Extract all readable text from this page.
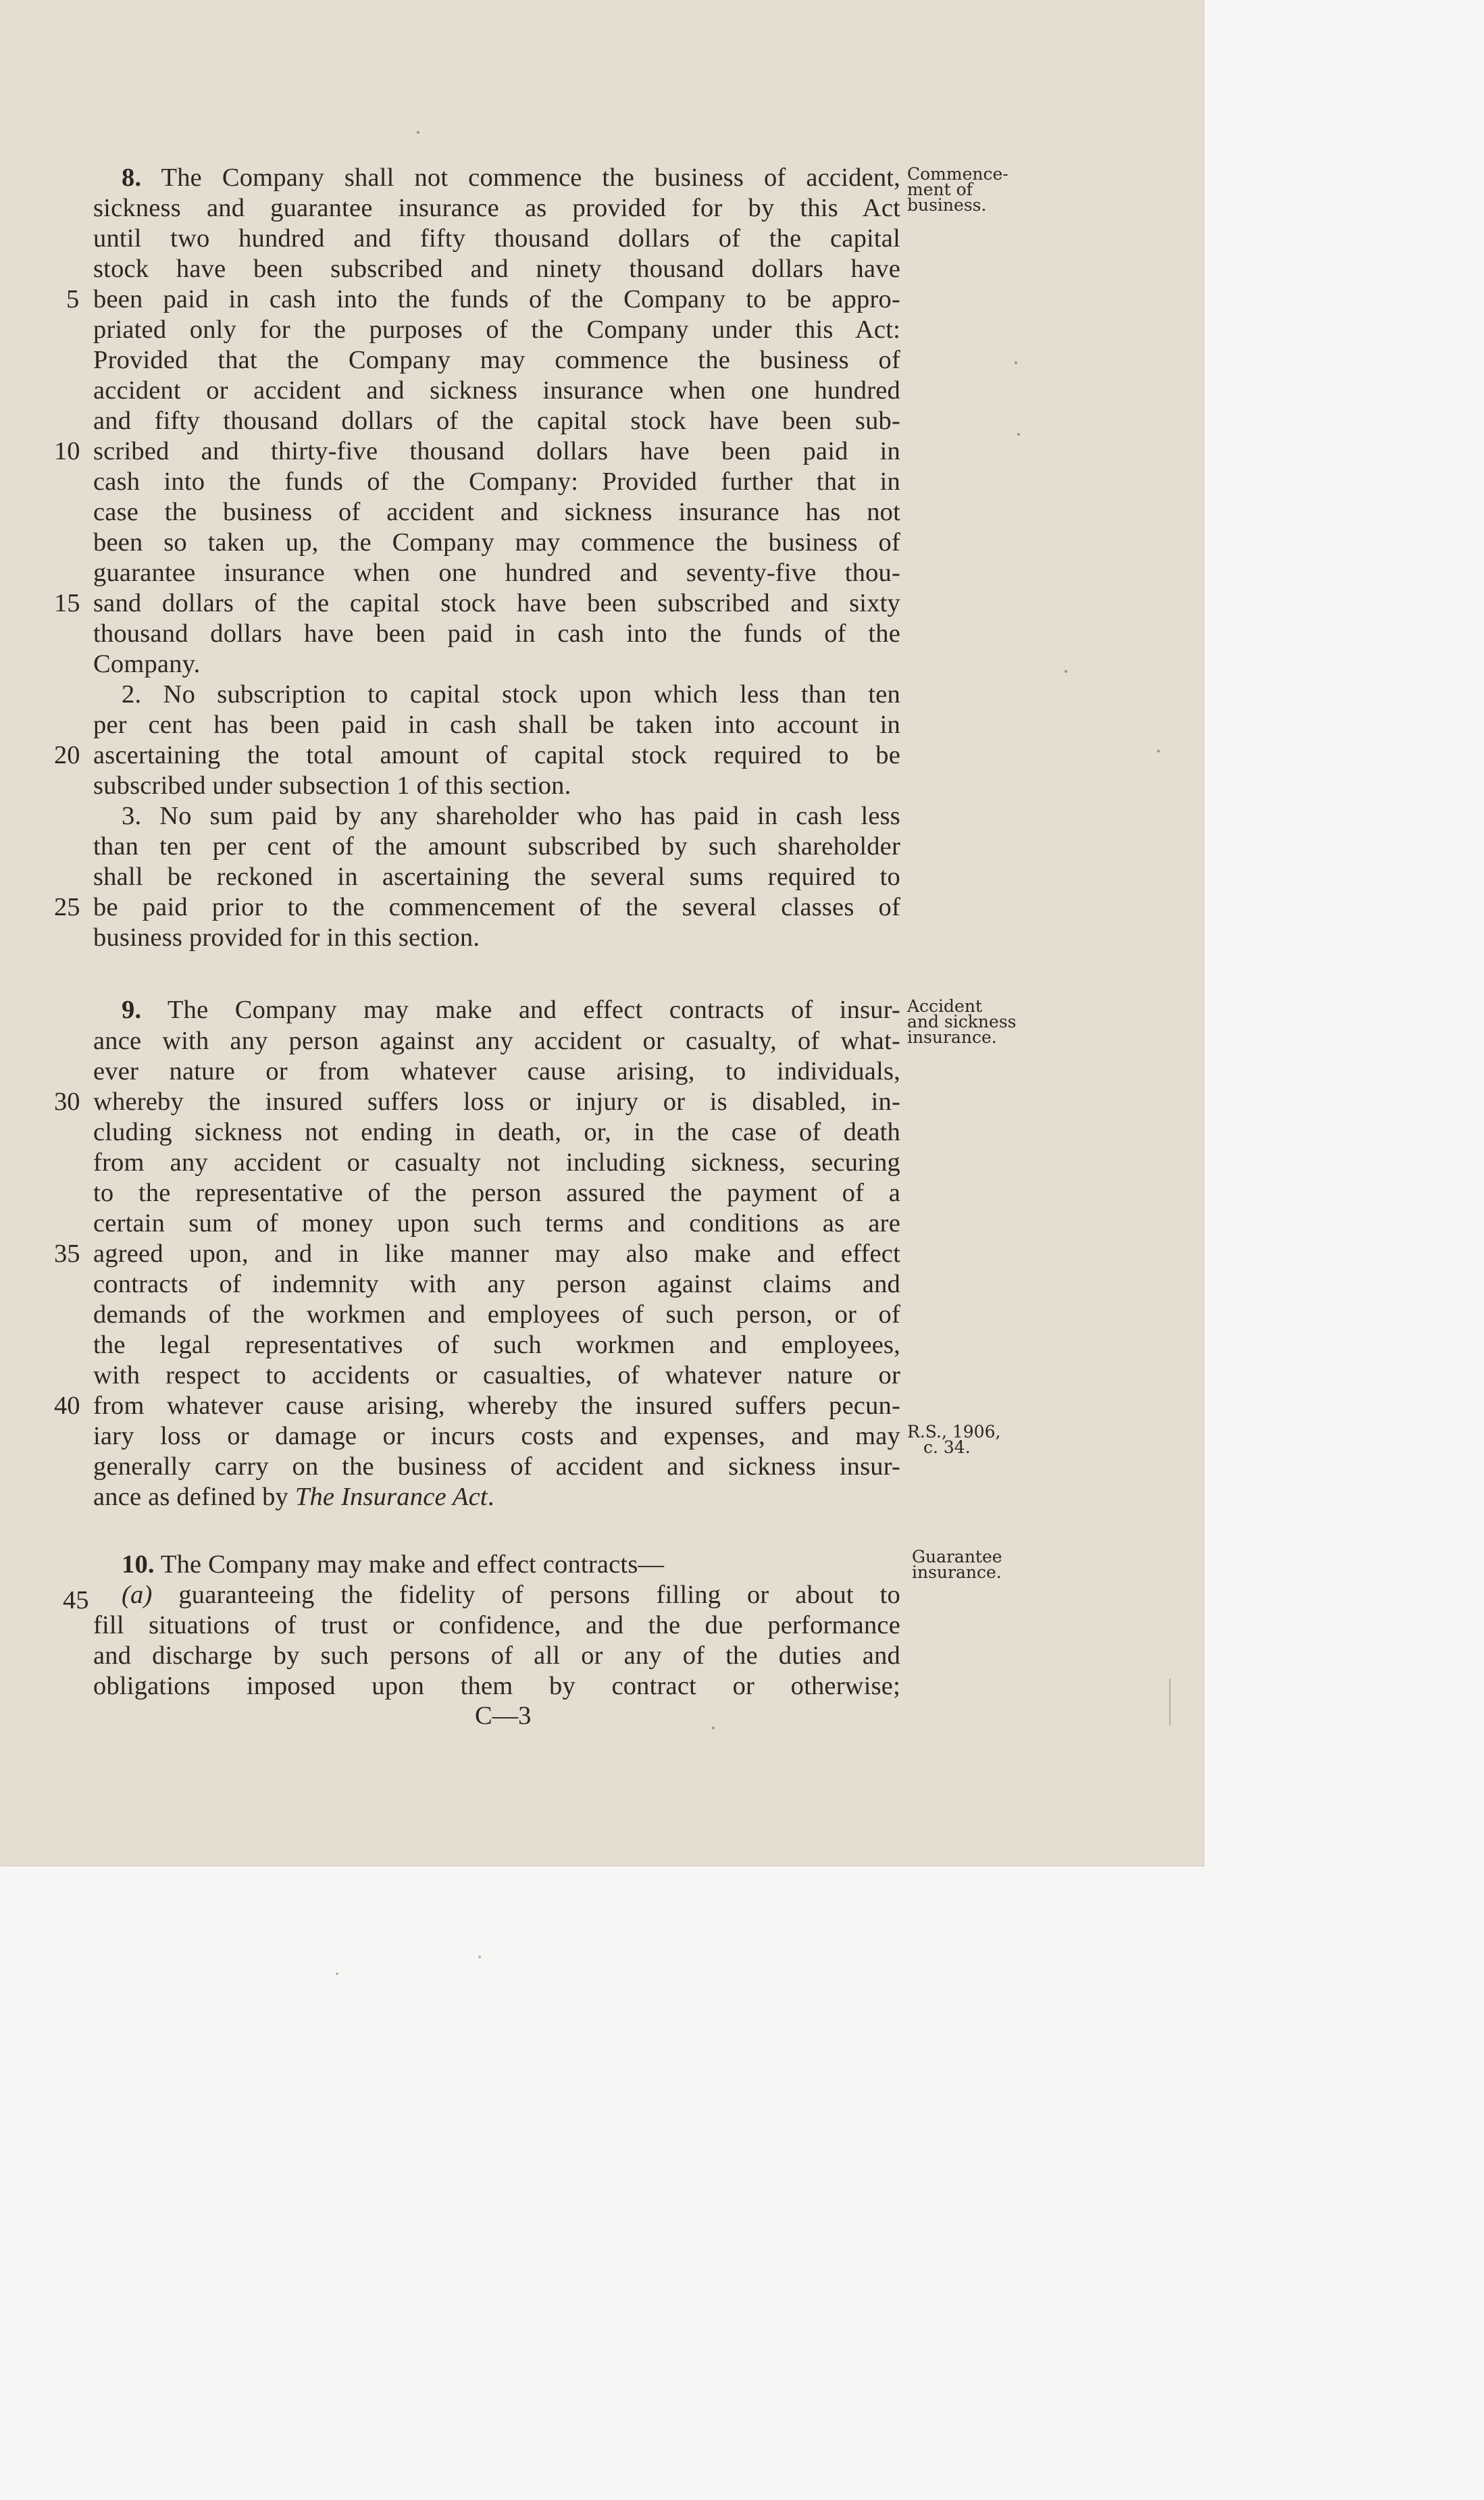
8. The Company shall not commence the business of accident,
sickness and guarantee insurance as provided for by this Act
until two hundred and fifty thousand dollars of the capital
stock have been subscribed and ninety thousand dollars have
been paid in cash into the funds of the Company to be appro-
priated only for the purposes of the Company under this Act:
Provided that the Company may commence the business of
accident or accident and sickness insurance when one hundred
and fifty thousand dollars of the capital stock have been sub-
scribed and thirty-five thousand dollars have been paid in
cash into the funds of the Company: Provided further that in
case the business of accident and sickness insurance has not
been so taken up, the Company may commence the business of
guarantee insurance when one hundred and seventy-five thou-
sand dollars of the capital stock have been subscribed and sixty
thousand dollars have been paid in cash into the funds of the
Company.
2. No subscription to capital stock upon which less than ten
per cent has been paid in cash shall be taken into account in
ascertaining the total amount of capital stock required to be
subscribed under subsection 1 of this section.
3. No sum paid by any shareholder who has paid in cash less
than ten per cent of the amount subscribed by such shareholder
shall be reckoned in ascertaining the several sums required to
be paid prior to the commencement of the several classes of
business provided for in this section.
9. The Company may make and effect contracts of insur-
ance with any person against any accident or casualty, of what-
ever nature or from whatever cause arising, to individuals,
whereby the insured suffers loss or injury or is disabled, in-
cluding sickness not ending in death, or, in the case of death
from any accident or casualty not including sickness, securing
to the representative of the person assured the payment of a
certain sum of money upon such terms and conditions as are
agreed upon, and in like manner may also make and effect
contracts of indemnity with any person against claims and
demands of the workmen and employees of such person, or of
the legal representatives of such workmen and employees,
with respect to accidents or casualties, of whatever nature or
from whatever cause arising, whereby the insured suffers pecun-
iary loss or damage or incurs costs and expenses, and may
generally carry on the business of accident and sickness insur-
ance as defined by The Insurance Act.
10. The Company may make and effect contracts—
(a) guaranteeing the fidelity of persons filling or about to
fill situations of trust or confidence, and the due performance
and discharge by such persons of all or any of the duties and
obligations imposed upon them by contract or otherwise;
5
10
15
20
25
30
35
40
45
Commence-
ment of
business.
Accident
and sickness
insurance.
R.S., 1906,
c. 34.
Guarantee
insurance.
C—3
